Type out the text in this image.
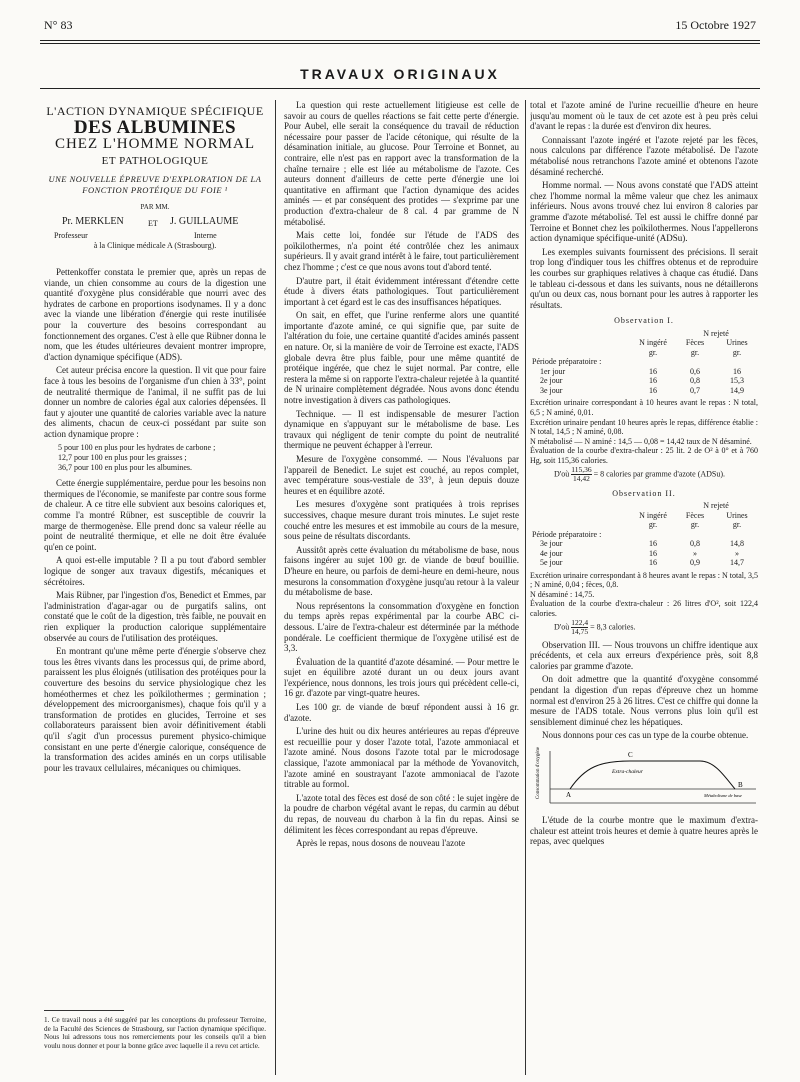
N° 83	15 Octobre 1927
TRAVAUX ORIGINAUX
L'ACTION DYNAMIQUE SPÉCIFIQUE
DES ALBUMINES
CHEZ L'HOMME NORMAL
ET PATHOLOGIQUE
UNE NOUVELLE ÉPREUVE D'EXPLORATION DE LA FONCTION PROTÉIQUE DU FOIE ¹
PAR MM.
Pr. MERKLEN	ET J. GUILLAUME
Professeur	Interne
à la Clinique médicale A (Strasbourg).

Pettenkoffer constata le premier que, après un repas de viande, un chien consomme au cours de la digestion une quantité d'oxygène plus considérable que nourri avec des hydrates de carbone en proportions isodynames. Il y a donc avec la viande une libération d'énergie qui reste inutilisée pour la couverture des besoins correspondant au fonctionnement des organes. C'est à elle que Rübner donna le nom, que les études ultérieures devaient montrer impropre, d'action dynamique spécifique (ADS).

Cet auteur précisa encore la question. Il vit que pour faire face à tous les besoins de l'organisme d'un chien à 33°, point de neutralité thermique de l'animal, il ne suffit pas de lui donner un nombre de calories égal aux calories dépensées. Il faut y ajouter une quantité de calories variable avec la nature des aliments, chacun de ceux-ci possédant par suite son action dynamique propre :

5 pour 100 en plus pour les hydrates de carbone ;
12,7 pour 100 en plus pour les graisses ;
36,7 pour 100 en plus pour les albumines.

Cette énergie supplémentaire, perdue pour les besoins non thermiques de l'économie, se manifeste par contre sous forme de chaleur. A ce titre elle subvient aux besoins caloriques et, comme l'a montré Rübner, est susceptible de couvrir la marge de thermogenèse. Elle prend donc sa valeur réelle au point de neutralité thermique, et elle ne doit être évaluée qu'en ce point.

A quoi est-elle imputable ? Il a pu tout d'abord sembler logique de songer aux travaux digestifs, mécaniques et sécrétoires.

Mais Rübner, par l'ingestion d'os, Benedict et Emmes, par l'administration d'agar-agar ou de purgatifs salins, ont constaté que le coût de la digestion, très faible, ne pouvait en rien expliquer la production calorique supplémentaire observée au cours de l'utilisation des protéiques.

En montrant qu'une même perte d'énergie s'observe chez tous les êtres vivants dans les processus qui, de prime abord, paraissent les plus éloignés (utilisation des protéiques pour la couverture des besoins du service physiologique chez les homéothermes et chez les poïkilothermes ; germination ; développement des microorganismes), chaque fois qu'il y a transformation de protides en glucides, Terroine et ses collaborateurs paraissent bien avoir définitivement établi qu'il s'agit d'un processus purement physico-chimique consistant en une perte d'énergie calorique, conséquence de la transformation des acides aminés en un corps utilisable pour les travaux cellulaires, mécaniques ou chimiques.

1. Ce travail nous a été suggéré par les conceptions du professeur Terroine, de la Faculté des Sciences de Strasbourg, sur l'action dynamique spécifique. Nous lui adressons tous nos remerciements pour les conseils qu'il a bien voulu nous donner et pour la bonne grâce avec laquelle il a revu cet article.

La question qui reste actuellement litigieuse est celle de savoir au cours de quelles réactions se fait cette perte d'énergie. Pour Aubel, elle serait la conséquence du travail de réduction nécessaire pour passer de l'acide cétonique, qui résulte de la désamination initiale, au glucose. Pour Terroine et Bonnet, au contraire, elle n'est pas en rapport avec la transformation de la chaîne ternaire ; elle est liée au métabolisme de l'azote. Ces auteurs donnent d'ailleurs de cette perte d'énergie une loi quantitative en affirmant que l'action dynamique des acides aminés — et par conséquent des protides — s'exprime par une production d'extra-chaleur de 8 cal. 4 par gramme de N métabolisé.

Mais cette loi, fondée sur l'étude de l'ADS des poïkilothermes, n'a point été contrôlée chez les animaux supérieurs. Il y avait grand intérêt à le faire, tout particulièrement chez l'homme ; c'est ce que nous avons tout d'abord tenté.

D'autre part, il était évidemment intéressant d'étendre cette étude à divers états pathologiques. Tout particulièrement important à cet égard est le cas des insuffisances hépatiques.

On sait, en effet, que l'urine renferme alors une quantité importante d'azote aminé, ce qui signifie que, par suite de l'altération du foie, une certaine quantité d'acides aminés passent en nature. Or, si la manière de voir de Terroine est exacte, l'ADS globale devra être plus faible, pour une même quantité de protéique ingérée, que chez le sujet normal. Par contre, elle restera la même si on rapporte l'extra-chaleur rejetée à la quantité de N urinaire complètement dégradée. Nous avons donc étendu notre investigation à divers cas pathologiques.

Technique. — Il est indispensable de mesurer l'action dynamique en s'appuyant sur le métabolisme de base. Les travaux qui négligent de tenir compte du point de neutralité thermique ne peuvent échapper à l'erreur.

Mesure de l'oxygène consommé. — Nous l'évaluons par l'appareil de Benedict. Le sujet est couché, au repos complet, avec température sous-vestiale de 33°, à jeun depuis douze heures et en équilibre azoté.

Les mesures d'oxygène sont pratiquées à trois reprises successives, chaque mesure durant trois minutes. Le sujet reste couché entre les mesures et est immobile au cours de la mesure, sous peine de résultats discordants.

Aussitôt après cette évaluation du métabolisme de base, nous faisons ingérer au sujet 100 gr. de viande de bœuf bouillie. D'heure en heure, ou parfois de demi-heure en demi-heure, nous mesurons la consommation d'oxygène jusqu'au retour à la valeur du métabolisme de base.

Nous représentons la consommation d'oxygène en fonction du temps après repas expérimental par la courbe ABC ci-dessous. L'aire de l'extra-chaleur est déterminée par la méthode pondérale. Le coefficient thermique de l'oxygène utilisé est de 3,3.

Évaluation de la quantité d'azote désaminé. — Pour mettre le sujet en équilibre azoté durant un ou deux jours avant l'expérience, nous donnons, les trois jours qui précèdent celle-ci, 16 gr. d'azote par vingt-quatre heures.

Les 100 gr. de viande de bœuf répondent aussi à 16 gr. d'azote.

L'urine des huit ou dix heures antérieures au repas d'épreuve est recueillie pour y doser l'azote total, l'azote ammoniacal et l'azote aminé. Nous dosons l'azote total par le microdosage classique, l'azote ammoniacal par la méthode de Yovanovitch, l'azote aminé en soustrayant l'azote ammoniacal de l'azote titrable au formol.

L'azote total des fèces est dosé de son côté : le sujet ingère de la poudre de charbon végétal avant le repas, du carmin au début du repas, de nouveau du charbon à la fin du repas. Ainsi se délimitent les fèces correspondant au repas d'épreuve.

Après le repas, nous dosons de nouveau l'azote

total et l'azote aminé de l'urine recueillie d'heure en heure jusqu'au moment où le taux de cet azote est à peu près celui d'avant le repas : la durée est d'environ dix heures.

Connaissant l'azote ingéré et l'azote rejeté par les fèces, nous calculons par différence l'azote métabolisé. De l'azote métabolisé nous retranchons l'azote aminé et obtenons l'azote désaminé recherché.

Homme normal. — Nous avons constaté que l'ADS atteint chez l'homme normal la même valeur que chez les animaux inférieurs. Nous avons trouvé chez lui environ 8 calories par gramme d'azote métabolisé. Tel est aussi le chiffre donné par Terroine et Bonnet chez les poïkilothermes. Nous l'appellerons action dynamique spécifique-unité (ADSu).

Les exemples suivants fournissent des précisions. Il serait trop long d'indiquer tous les chiffres obtenus et de reproduire les courbes sur graphiques relatives à chaque cas étudié. Dans le tableau ci-dessous et dans les suivants, nous ne détaillerons qu'un ou deux cas, nous bornant pour les autres à rapporter les résultats.

Observation I.
		N rejeté	
	N ingéré	Fèces	Urines
	gr.	gr.	gr.
Période préparatoire :			
1er jour	16	0,6	16
2e jour	16	0,8	15,3
3e jour	16	0,7	14,9
Excrétion urinaire correspondant à 10 heures avant le repas : N total, 6,5 ; N aminé, 0,01.
Excrétion urinaire pendant 10 heures après le repas, différence établie : N total, 14,5 ; N aminé, 0,08.
N métabolisé — N aminé : 14,5 — 0,08 = 14,42 taux de N désaminé.
Évaluation de la courbe d'extra-chaleur : 25 lit. 2 de O² à 0° et à 760 Hg, soit 115,36 calories.
D'où $\frac{115,36}{14,42} = 8$ calories par gramme d'azote (ADSu).
Observation II.
		N rejeté	
	N ingéré	Fèces	Urines
	gr.	gr.	gr.
Période préparatoire :			
3e jour	16	0,8	14,8
4e jour	16	»	»
5e jour	16	0,9	14,7
Excrétion urinaire correspondant à 8 heures avant le repas : N total, 3,5 ; N aminé, 0,04 ; fèces, 0,8.
N désaminé : 14,75.
Évaluation de la courbe d'extra-chaleur : 26 litres d'O², soit 122,4 calories.
D'où $\frac{122,4}{14,75} = 8,3$ calories.

Observation III. — Nous trouvons un chiffre identique aux précédents, et cela aux erreurs d'expérience près, soit 8,8 calories par gramme d'azote.

On doit admettre que la quantité d'oxygène consommé pendant la digestion d'un repas d'épreuve chez un homme normal est d'environ 25 à 26 litres. C'est ce chiffre qui donne la mesure de l'ADS totale. Nous verrons plus loin qu'il est sensiblement diminué chez les hépatiques.

Nous donnons pour ces cas un type de la courbe obtenue.

Consommation d'oxygène	A
B
C
Extra-chaleur
Métabolisme de base

L'étude de la courbe montre que le maximum d'extra-chaleur est atteint trois heures et demie à quatre heures après le repas, avec quelques
